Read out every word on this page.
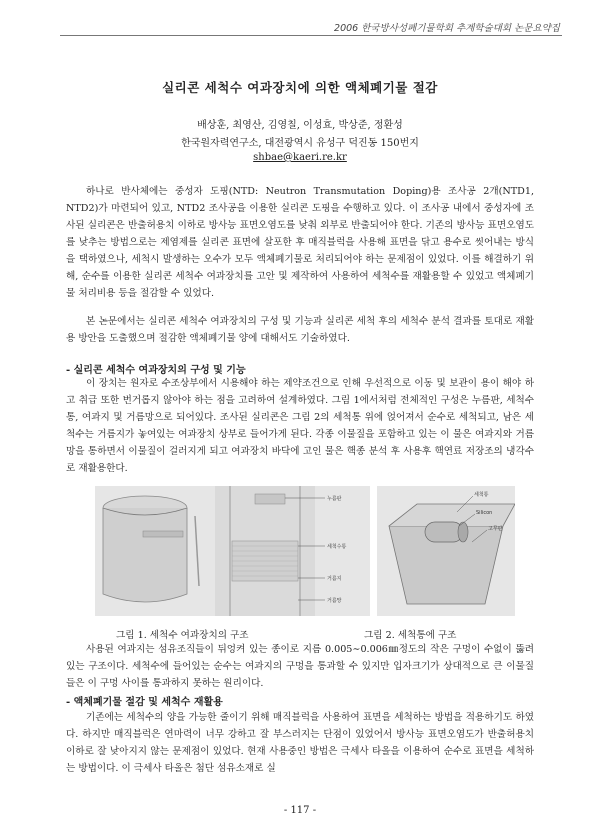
2006 한국방사성폐기물학회 추계학술대회 논문요약집
실리콘 세척수 여과장치에 의한 액체폐기물 절감
배상훈, 최영산, 김영칠, 이성효, 박상준, 정환성
한국원자력연구소, 대전광역시 유성구 덕진동 150번지
shbae@kaeri.re.kr
하나로 반사체에는 중성자 도핑(NTD: Neutron Transmutation Doping)용 조사공 2개(NTD1, NTD2)가 마련되어 있고, NTD2 조사공을 이용한 실리콘 도핑을 수행하고 있다. 이 조사공 내에서 중성자에 조사된 실리콘은 반출허용치 이하로 방사능 표면오염도를 낮춰 외부로 반출되어야 한다. 기존의 방사능 표면오염도를 낮추는 방법으로는 제염제를 실리콘 표면에 살포한 후 매직블럭을 사용해 표면을 닦고 용수로 씻어내는 방식을 택하였으나, 세척시 발생하는 오수가 모두 액체폐기물로 처리되어야 하는 문제점이 있었다. 이를 해결하기 위해, 순수를 이용한 실리콘 세척수 여과장치를 고안 및 제작하여 사용하여 세척수를 재활용할 수 있었고 액체폐기물 처리비용 등을 절감할 수 있었다.
본 논문에서는 실리콘 세척수 여과장치의 구성 및 기능과 실리콘 세척 후의 세척수 분석 결과를 토대로 재활용 방안을 도출했으며 절감한 액체폐기물 양에 대해서도 기술하였다.
- 실리콘 세척수 여과장치의 구성 및 기능
이 장치는 원자로 수조상부에서 시용해야 하는 제약조건으로 인해 우선적으로 이동 및 보관이 용이 해야 하고 취급 또한 번거롭지 않아야 하는 점을 고려하여 설계하였다. 그림 1에서처럼 전체적인 구성은 누름판, 세척수통, 여과지 및 거름망으로 되어있다. 조사된 실리콘은 그림 2의 세척통 위에 얹어져서 순수로 세척되고, 남은 세척수는 거름지가 놓여있는 여과장치 상부로 들어가게 된다. 각종 이물질을 포함하고 있는 이 물은 여과지와 거름망을 통하면서 이물질이 걸러지게 되고 여과장치 바닥에 고인 물은 핵종 분석 후 사용후 핵연료 저장조의 냉각수로 재활용한다.
누름판
세척수통
거름지
거름망
세척통
Silicon
고무판
그림 1. 세척수 여과장치의 구조	그림 2. 세척통에 구조
사용된 여과지는 섬유조직들이 뒤엉켜 있는 종이로 지름 0.005∼0.006㎜정도의 작은 구멍이 수없이 뚫려있는 구조이다. 세척수에 들어있는 순수는 여과지의 구멍을 통과할 수 있지만 입자크기가 상대적으로 큰 이물질들은 이 구멍 사이를 통과하지 못하는 원리이다.
- 액체폐기물 절감 및 세척수 재활용
기존에는 세척수의 양을 가능한 줄이기 위해 매직블럭을 사용하여 표면을 세척하는 방법을 적용하기도 하였다. 하지만 매직블럭은 연마력이 너무 강하고 잘 부스러지는 단점이 있었어서 방사능 표면오염도가 반출허용치 이하로 잘 낮아지지 않는 문제점이 있었다. 현재 사용중인 방법은 극세사 타올을 이용하여 순수로 표면을 세척하는 방법이다. 이 극세사 타올은 첨단 섬유소재로 실
- 117 -
